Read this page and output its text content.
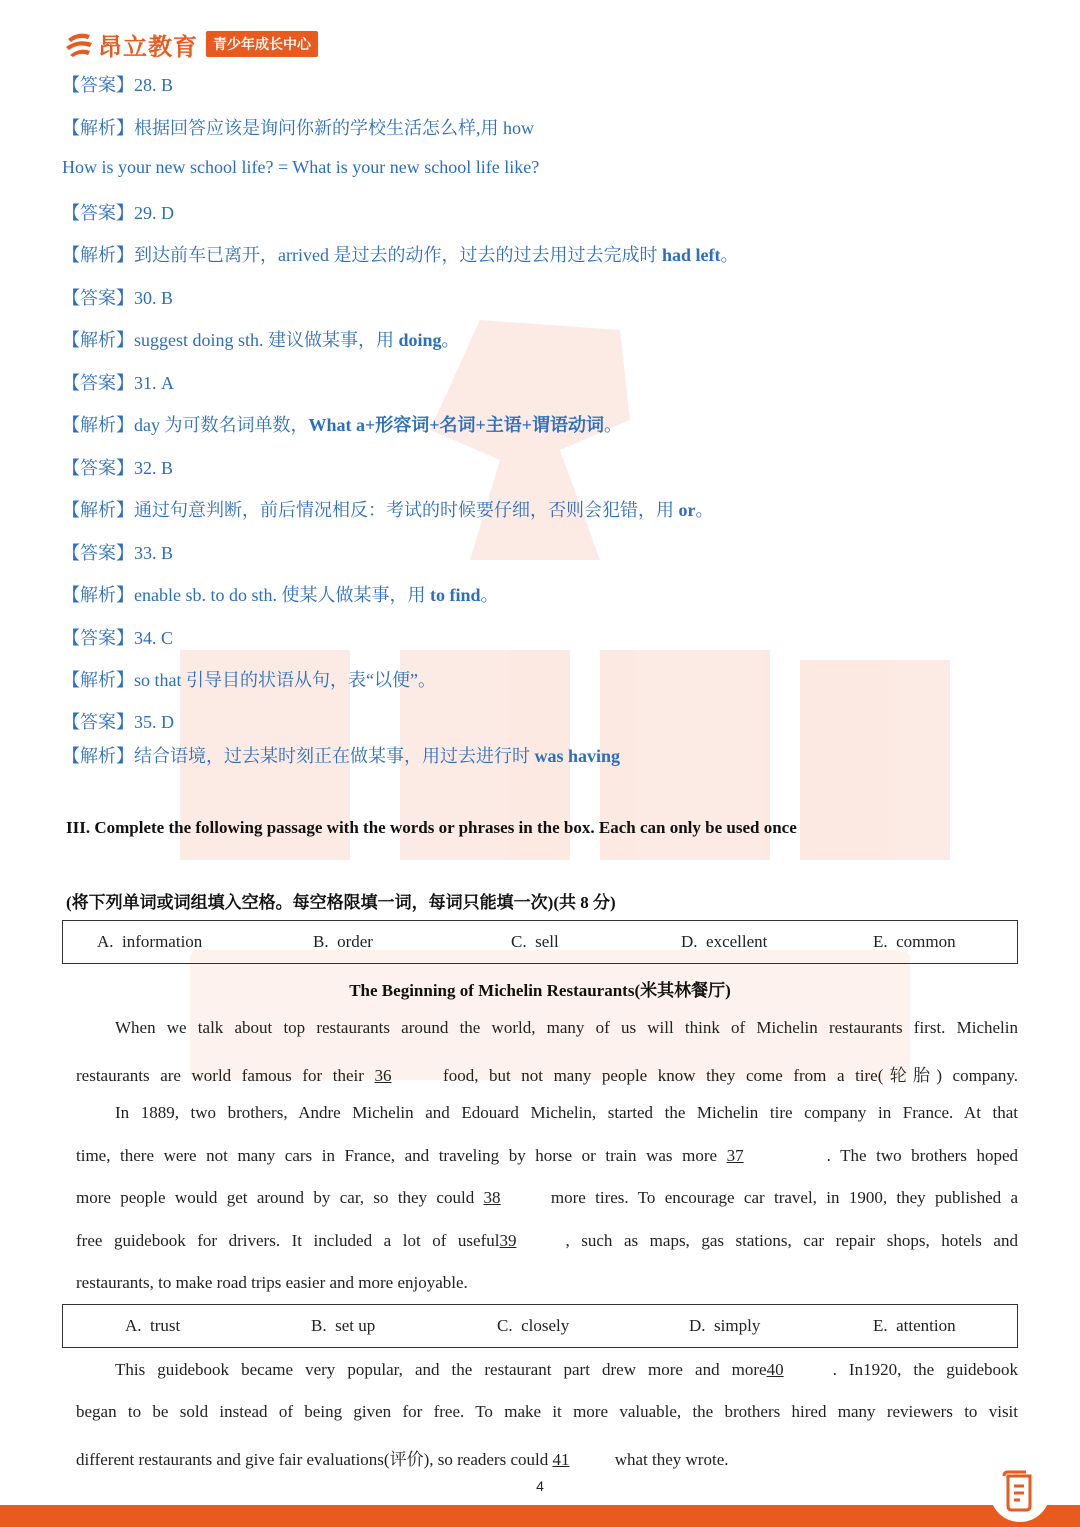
昂立教育	青少年成长中心
【答案】28. B
【解析】根据回答应该是询问你新的学校生活怎么样,用 how
How is your new school life? = What is your new school life like?
【答案】29. D
【解析】到达前车已离开，arrived 是过去的动作，过去的过去用过去完成时 had left。
【答案】30. B
【解析】suggest doing sth. 建议做某事，用 doing。
【答案】31. A
【解析】day 为可数名词单数，What a+形容词+名词+主语+谓语动词。
【答案】32. B
【解析】通过句意判断，前后情况相反：考试的时候要仔细，否则会犯错，用 or。
【答案】33. B
【解析】enable sb. to do sth. 使某人做某事，用 to find。
【答案】34. C
【解析】so that 引导目的状语从句，表“以便”。
【答案】35. D
【解析】结合语境，过去某时刻正在做某事，用过去进行时 was having
III. Complete the following passage with the words or phrases in the box. Each can only be used once
(将下列单词或词组填入空格。每空格限填一词，每词只能填一次)(共 8 分)
A. information	B. order	C. sell	D. excellent	E. common
The Beginning of Michelin Restaurants(米其林餐厅)
When we talk about top restaurants around the world, many of us will think of Michelin restaurants first. Michelin
restaurants are world famous for their 36 food, but not many people know they come from a tire(轮胎) company.
In 1889, two brothers, Andre Michelin and Edouard Michelin, started the Michelin tire company in France. At that
time, there were not many cars in France, and traveling by horse or train was more 37	. The two brothers hoped
more people would get around by car, so they could 38 more tires. To encourage car travel, in 1900, they published a
free guidebook for drivers. It included a lot of useful39	, such as maps, gas stations, car repair shops, hotels and
restaurants, to make road trips easier and more enjoyable.
A. trust	B. set up	C. closely	D. simply	E. attention
This guidebook became very popular, and the restaurant part drew more and more40	. In1920, the guidebook
began to be sold instead of being given for free. To make it more valuable, the brothers hired many reviewers to visit
different restaurants and give fair evaluations(评价), so readers could 41 what they wrote.
4
